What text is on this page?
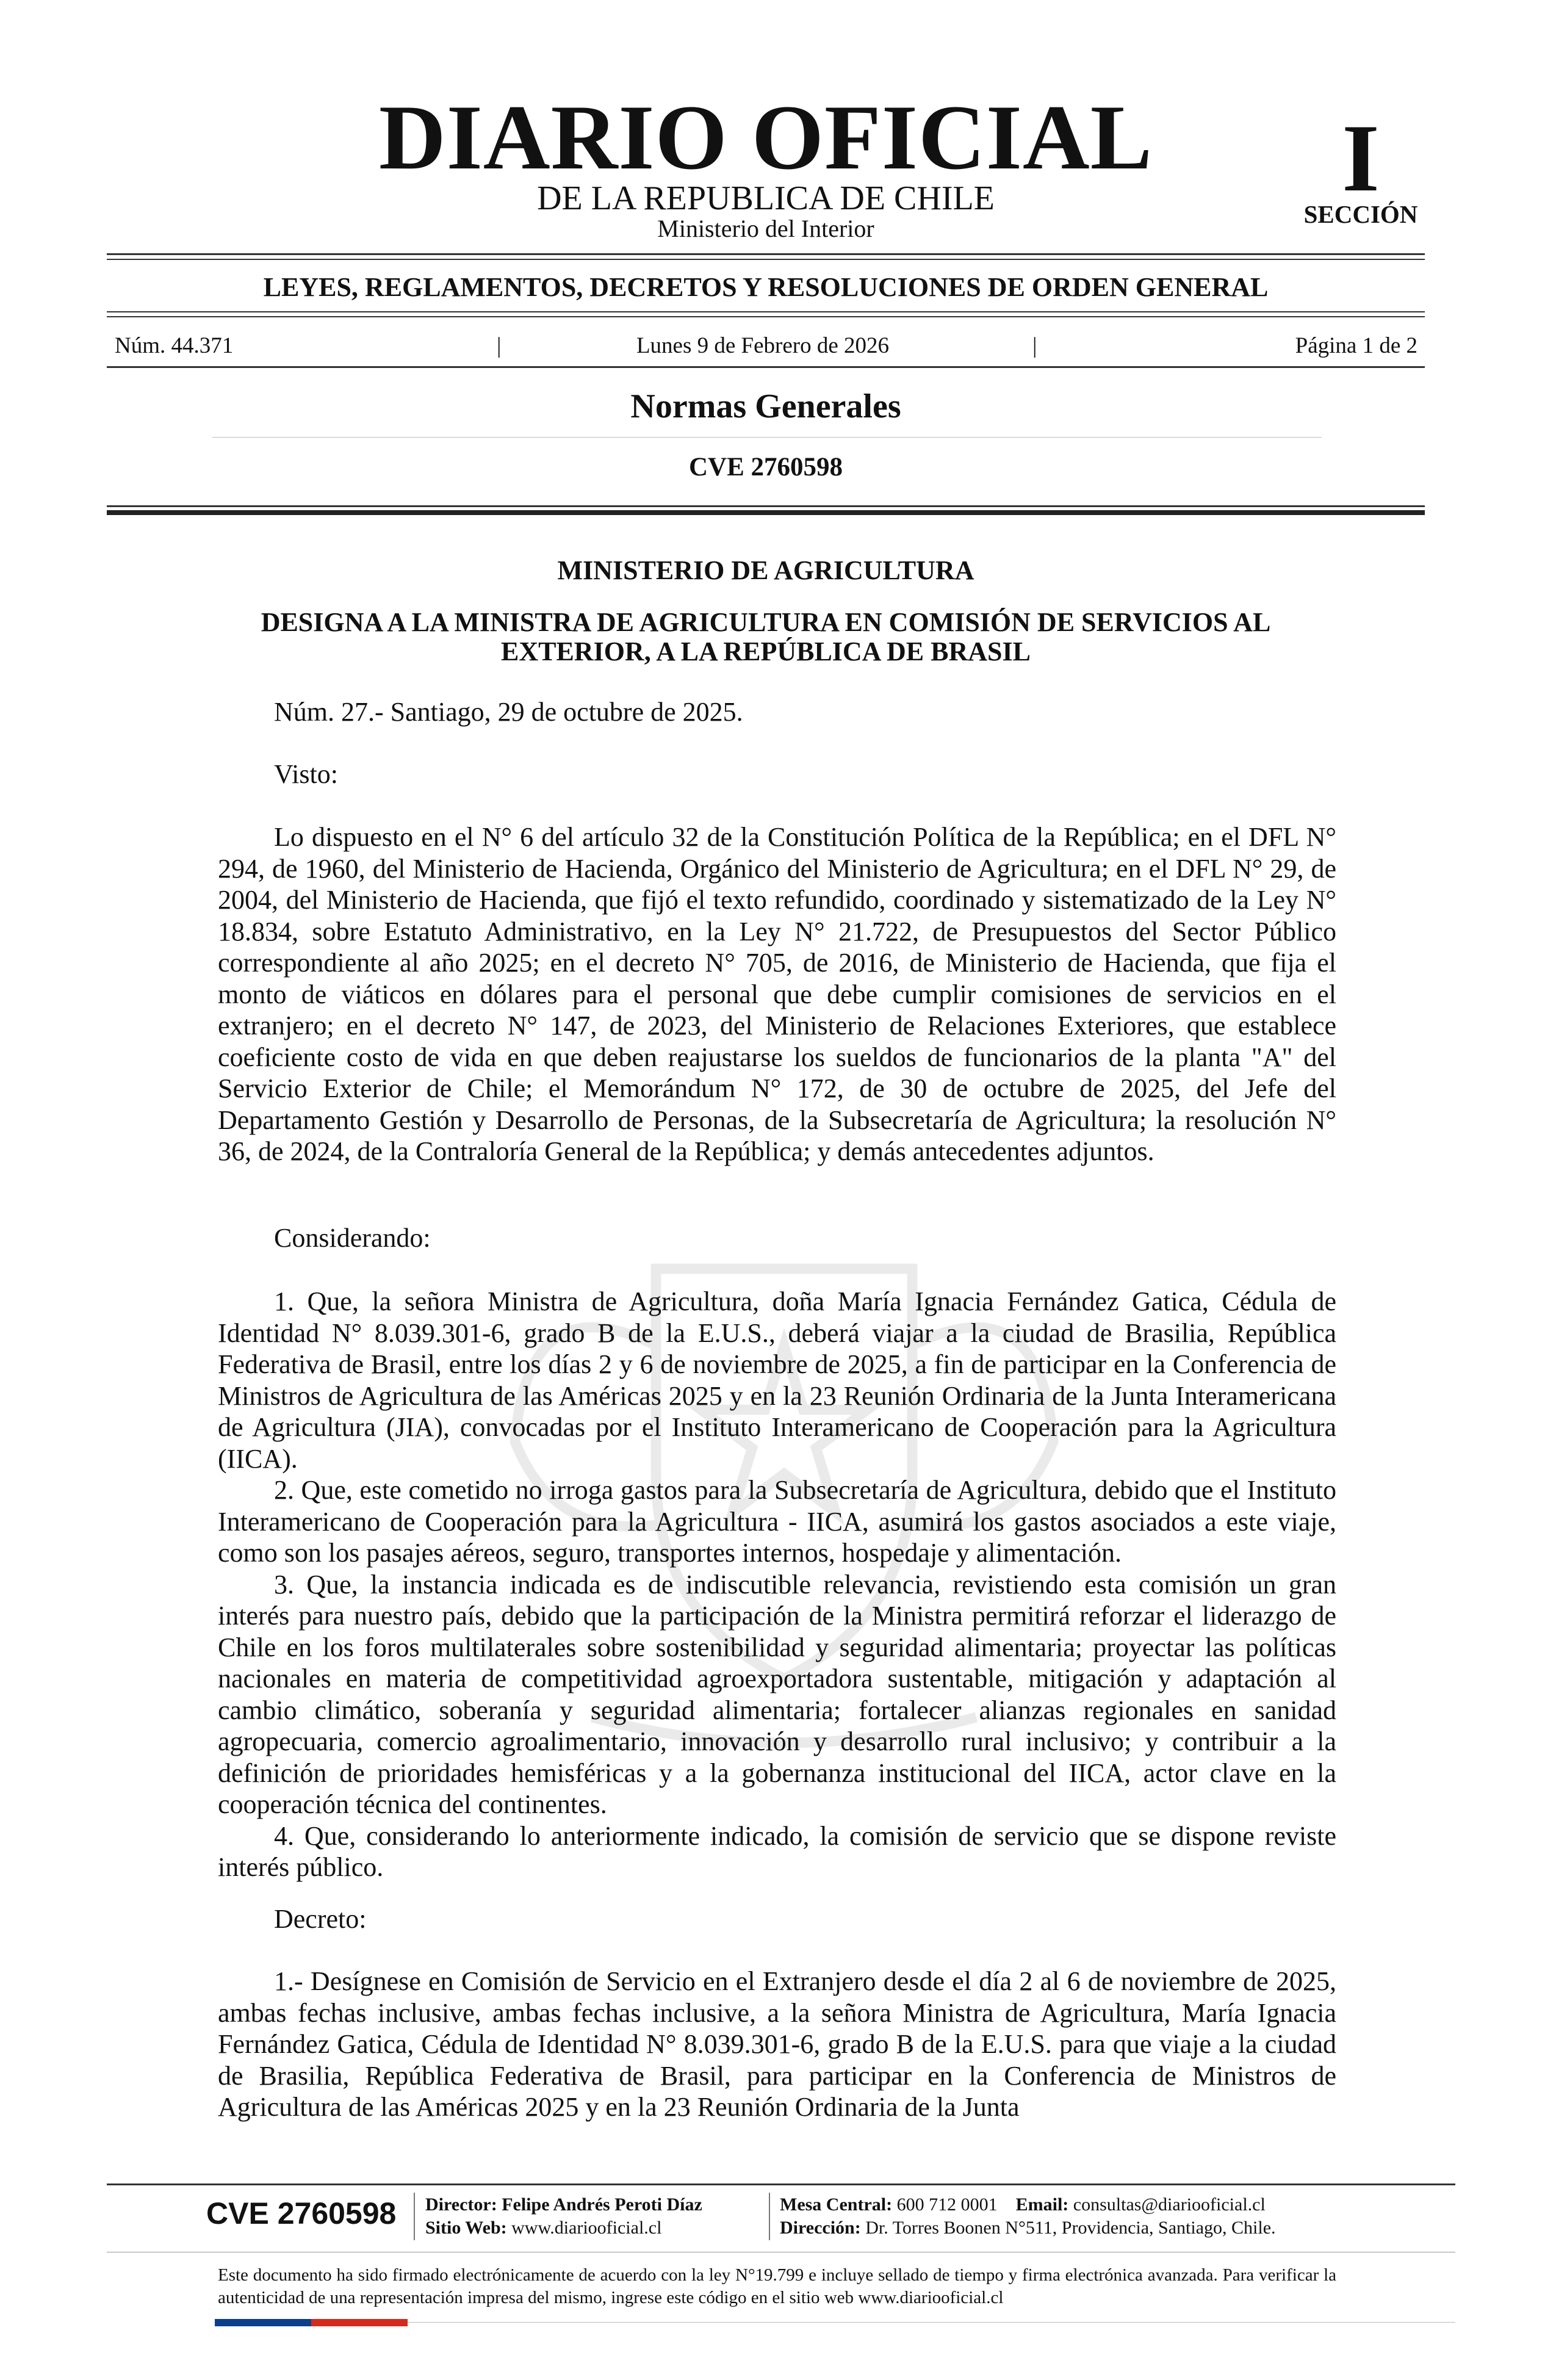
DIARIO OFICIAL
DE LA REPUBLICA DE CHILE
Ministerio del Interior
I
SECCIÓN
LEYES, REGLAMENTOS, DECRETOS Y RESOLUCIONES DE ORDEN GENERAL
Núm. 44.371	|	Lunes 9 de Febrero de 2026	|	Página 1 de 2
Normas Generales
CVE 2760598
MINISTERIO DE AGRICULTURA
DESIGNA A LA MINISTRA DE AGRICULTURA EN COMISIÓN DE SERVICIOS AL
EXTERIOR, A LA REPÚBLICA DE BRASIL
Núm. 27.- Santiago, 29 de octubre de 2025.
Visto:
Lo dispuesto en el N° 6 del artículo 32 de la Constitución Política de la República; en el DFL N° 294, de 1960, del Ministerio de Hacienda, Orgánico del Ministerio de Agricultura; en el DFL N° 29, de 2004, del Ministerio de Hacienda, que fijó el texto refundido, coordinado y sistematizado de la Ley N° 18.834, sobre Estatuto Administrativo, en la Ley N° 21.722, de Presupuestos del Sector Público correspondiente al año 2025; en el decreto N° 705, de 2016, de Ministerio de Hacienda, que fija el monto de viáticos en dólares para el personal que debe cumplir comisiones de servicios en el extranjero; en el decreto N° 147, de 2023, del Ministerio de Relaciones Exteriores, que establece coeficiente costo de vida en que deben reajustarse los sueldos de funcionarios de la planta "A" del Servicio Exterior de Chile; el Memorándum N° 172, de 30 de octubre de 2025, del Jefe del Departamento Gestión y Desarrollo de Personas, de la Subsecretaría de Agricultura; la resolución N° 36, de 2024, de la Contraloría General de la República; y demás antecedentes adjuntos.
Considerando:
1. Que, la señora Ministra de Agricultura, doña María Ignacia Fernández Gatica, Cédula de Identidad N° 8.039.301-6, grado B de la E.U.S., deberá viajar a la ciudad de Brasilia, República Federativa de Brasil, entre los días 2 y 6 de noviembre de 2025, a fin de participar en la Conferencia de Ministros de Agricultura de las Américas 2025 y en la 23 Reunión Ordinaria de la Junta Interamericana de Agricultura (JIA), convocadas por el Instituto Interamericano de Cooperación para la Agricultura (IICA).
2. Que, este cometido no irroga gastos para la Subsecretaría de Agricultura, debido que el Instituto Interamericano de Cooperación para la Agricultura - IICA, asumirá los gastos asociados a este viaje, como son los pasajes aéreos, seguro, transportes internos, hospedaje y alimentación.
3. Que, la instancia indicada es de indiscutible relevancia, revistiendo esta comisión un gran interés para nuestro país, debido que la participación de la Ministra permitirá reforzar el liderazgo de Chile en los foros multilaterales sobre sostenibilidad y seguridad alimentaria; proyectar las políticas nacionales en materia de competitividad agroexportadora sustentable, mitigación y adaptación al cambio climático, soberanía y seguridad alimentaria; fortalecer alianzas regionales en sanidad agropecuaria, comercio agroalimentario, innovación y desarrollo rural inclusivo; y contribuir a la definición de prioridades hemisféricas y a la gobernanza institucional del IICA, actor clave en la cooperación técnica del continentes.
4. Que, considerando lo anteriormente indicado, la comisión de servicio que se dispone reviste interés público.
Decreto:
1.- Desígnese en Comisión de Servicio en el Extranjero desde el día 2 al 6 de noviembre de 2025, ambas fechas inclusive, ambas fechas inclusive, a la señora Ministra de Agricultura, María Ignacia Fernández Gatica, Cédula de Identidad N° 8.039.301-6, grado B de la E.U.S. para que viaje a la ciudad de Brasilia, República Federativa de Brasil, para participar en la Conferencia de Ministros de Agricultura de las Américas 2025 y en la 23 Reunión Ordinaria de la Junta
CVE 2760598 Director: Felipe Andrés Peroti Díaz
Sitio Web: www.diariooficial.cl
Mesa Central: 600 712 0001 Email: consultas@diariooficial.cl
Dirección: Dr. Torres Boonen N°511, Providencia, Santiago, Chile.
Este documento ha sido firmado electrónicamente de acuerdo con la ley N°19.799 e incluye sellado de tiempo y firma electrónica avanzada. Para verificar la autenticidad de una representación impresa del mismo, ingrese este código en el sitio web www.diariooficial.cl
